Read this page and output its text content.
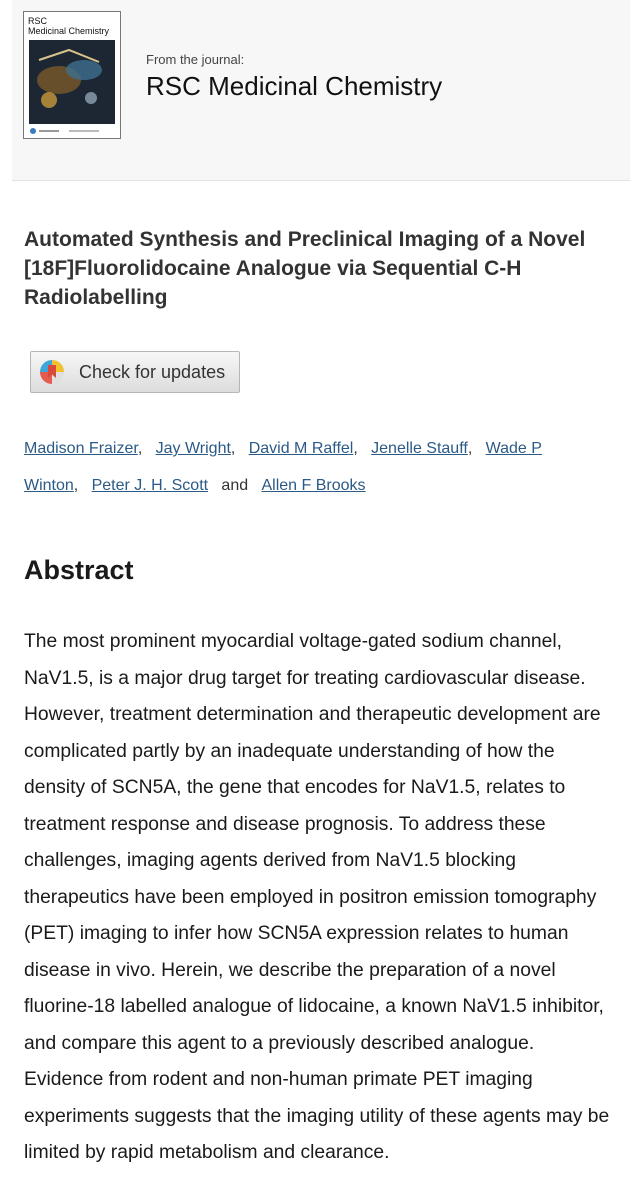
RSC
Medicinal Chemistry
From the journal:
RSC Medicinal Chemistry
Automated Synthesis and Preclinical Imaging of a Novel [18F]Fluorolidocaine Analogue via Sequential C-H Radiolabelling
Check for updates
Madison Fraizer, Jay Wright, David M Raffel, Jenelle Stauff, Wade P Winton, Peter J. H. Scott and Allen F Brooks
Abstract
The most prominent myocardial voltage-gated sodium channel, NaV1.5, is a major drug target for treating cardiovascular disease. However, treatment determination and therapeutic development are complicated partly by an inadequate understanding of how the density of SCN5A, the gene that encodes for NaV1.5, relates to treatment response and disease prognosis. To address these challenges, imaging agents derived from NaV1.5 blocking therapeutics have been employed in positron emission tomography (PET) imaging to infer how SCN5A expression relates to human disease in vivo. Herein, we describe the preparation of a novel fluorine-18 labelled analogue of lidocaine, a known NaV1.5 inhibitor, and compare this agent to a previously described analogue. Evidence from rodent and non-human primate PET imaging experiments suggests that the imaging utility of these agents may be limited by rapid metabolism and clearance.
